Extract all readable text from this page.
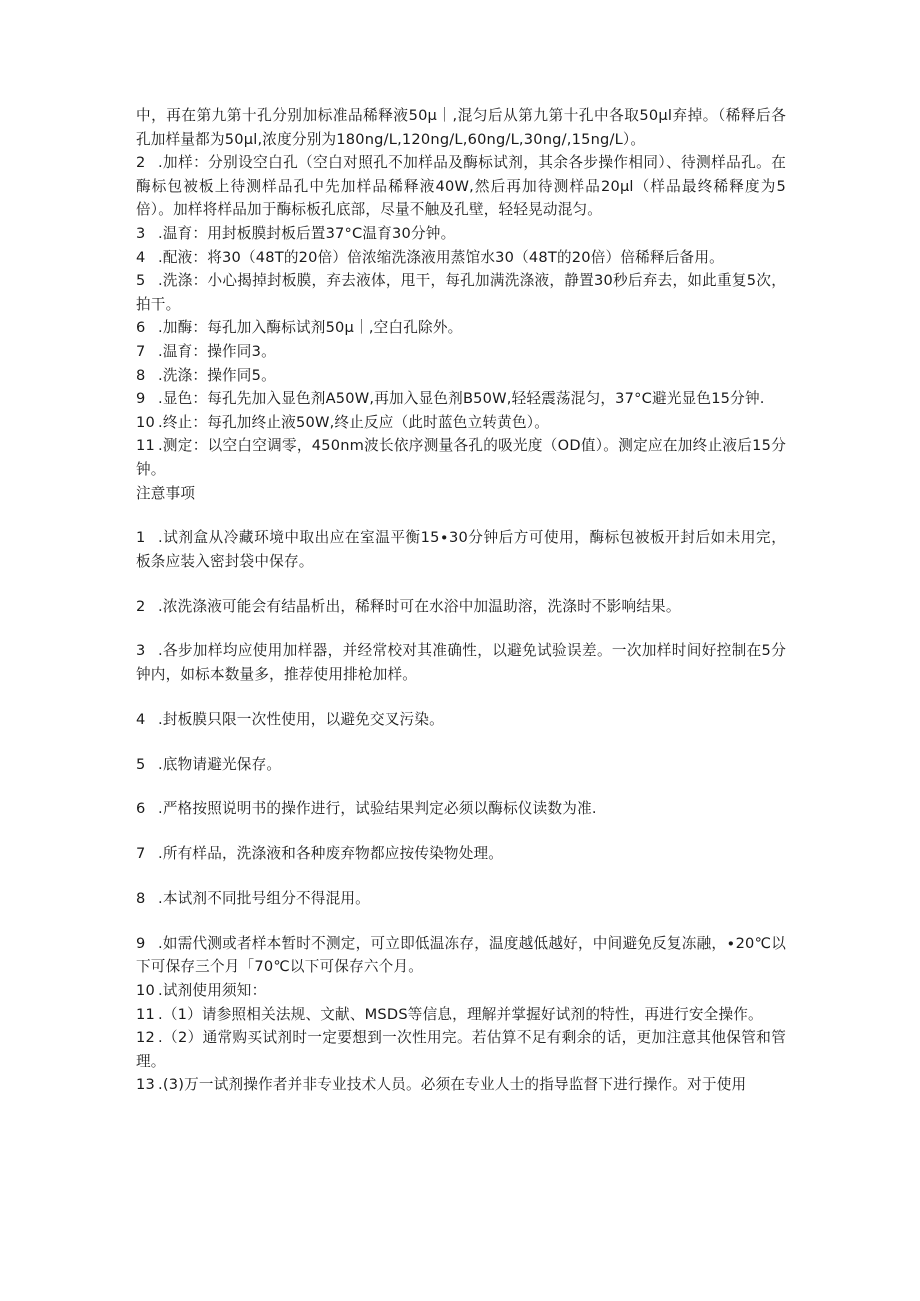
中，再在第九第十孔分别加标准品稀释液50μ｜,混匀后从第九第十孔中各取50μl弃掉。（稀释后各孔加样量都为50μl,浓度分别为180ng∕L,120ng∕L,60ng∕L,30ng∕,15ng∕L）。

2 .加样：分别设空白孔（空白对照孔不加样品及酶标试剂，其余各步操作相同）、待测样品孔。在酶标包被板上待测样品孔中先加样品稀释液40W,然后再加待测样品20μl（样品最终稀释度为5倍）。加样将样品加于酶标板孔底部，尽量不触及孔壁，轻轻晃动混匀。

3 .温育：用封板膜封板后置37°C温育30分钟。

4 .配液：将30（48T的20倍）倍浓缩洗涤液用蒸馆水30（48T的20倍）倍稀释后备用。

5 .洗涤：小心揭掉封板膜，弃去液体，甩干，每孔加满洗涤液，静置30秒后弃去，如此重复5次，拍干。

6 .加酶：每孔加入酶标试剂50μ｜,空白孔除外。

7 .温育：操作同3。

8 .洗涤：操作同5。

9 .显色：每孔先加入显色剂A50W,再加入显色剂B50W,轻轻震荡混匀，37°C避光显色15分钟.

10 .终止：每孔加终止液50W,终止反应（此时蓝色立转黄色）。

11 .测定：以空白空调零，450nm波长依序测量各孔的吸光度（OD值）。测定应在加终止液后15分钟。

注意事项

1 .试剂盒从冷藏环境中取出应在室温平衡15∙30分钟后方可使用，酶标包被板开封后如未用完，板条应装入密封袋中保存。

2 .浓洗涤液可能会有结晶析出，稀释时可在水浴中加温助溶，洗涤时不影响结果。

3 .各步加样均应使用加样器，并经常校对其准确性，以避免试验误差。一次加样时间好控制在5分钟内，如标本数量多，推荐使用排枪加样。

4 .封板膜只限一次性使用，以避免交叉污染。

5 .底物请避光保存。

6 .严格按照说明书的操作进行，试验结果判定必须以酶标仪读数为准.

7 .所有样品，洗涤液和各种废弃物都应按传染物处理。

8 .本试剂不同批号组分不得混用。

9 .如需代测或者样本暂时不测定，可立即低温冻存，温度越低越好，中间避免反复冻融，∙20℃以下可保存三个月「70℃以下可保存六个月。

10 .试剂使用须知：

11 .（1）请参照相关法规、文献、MSDS等信息，理解并掌握好试剂的特性，再进行安全操作。

12 .（2）通常购买试剂时一定要想到一次性用完。若估算不足有剩余的话，更加注意其他保管和管理。

13 .(3)万一试剂操作者并非专业技术人员。必须在专业人士的指导监督下进行操作。对于使用
